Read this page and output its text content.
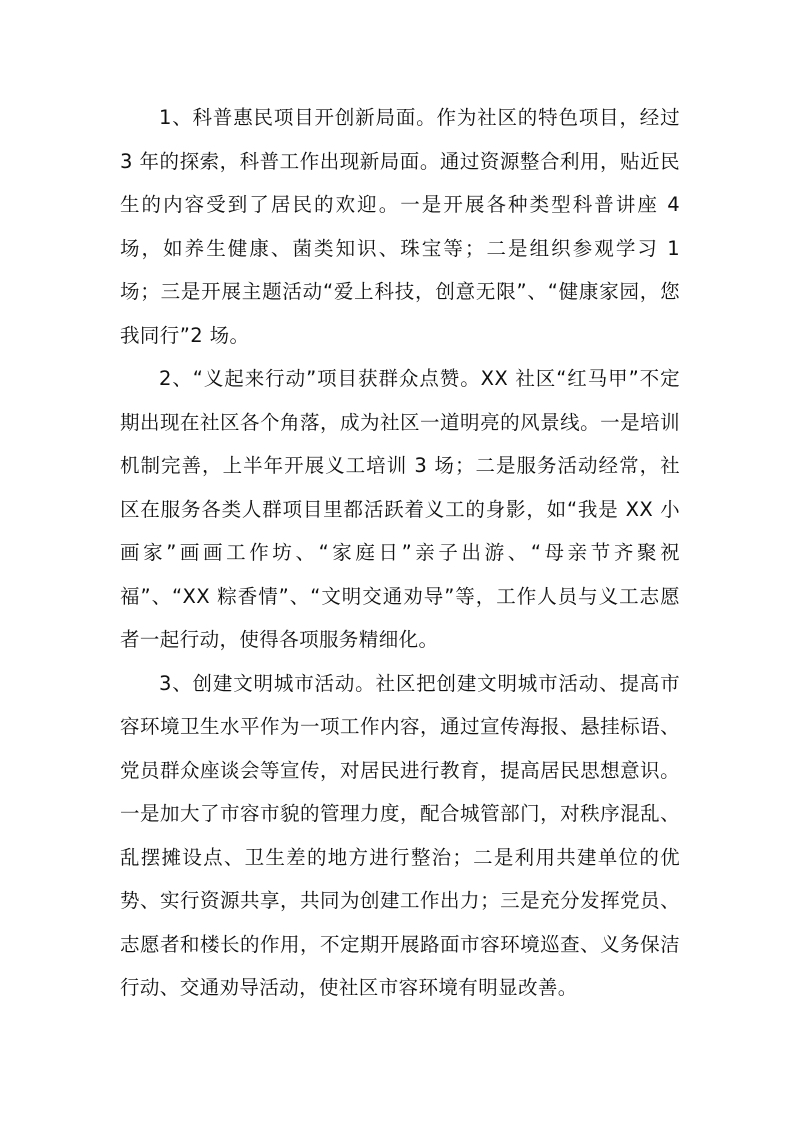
1、科普惠民项目开创新局面。作为社区的特色项目，经过 3 年的探索，科普工作出现新局面。通过资源整合利用，贴近民生的内容受到了居民的欢迎。一是开展各种类型科普讲座 4 场，如养生健康、菌类知识、珠宝等；二是组织参观学习 1 场；三是开展主题活动“爱上科技，创意无限”、“健康家园，您我同行”2 场。

2、“义起来行动”项目获群众点赞。XX 社区“红马甲”不定期出现在社区各个角落，成为社区一道明亮的风景线。一是培训机制完善，上半年开展义工培训 3 场；二是服务活动经常，社区在服务各类人群项目里都活跃着义工的身影，如“我是 XX 小画家”画画工作坊、“家庭日”亲子出游、“母亲节齐聚祝福”、“XX 粽香情”、“文明交通劝导”等，工作人员与义工志愿者一起行动，使得各项服务精细化。

3、创建文明城市活动。社区把创建文明城市活动、提高市容环境卫生水平作为一项工作内容，通过宣传海报、悬挂标语、党员群众座谈会等宣传，对居民进行教育，提高居民思想意识。一是加大了市容市貌的管理力度，配合城管部门，对秩序混乱、乱摆摊设点、卫生差的地方进行整治；二是利用共建单位的优势、实行资源共享，共同为创建工作出力；三是充分发挥党员、志愿者和楼长的作用，不定期开展路面市容环境巡查、义务保洁行动、交通劝导活动，使社区市容环境有明显改善。
